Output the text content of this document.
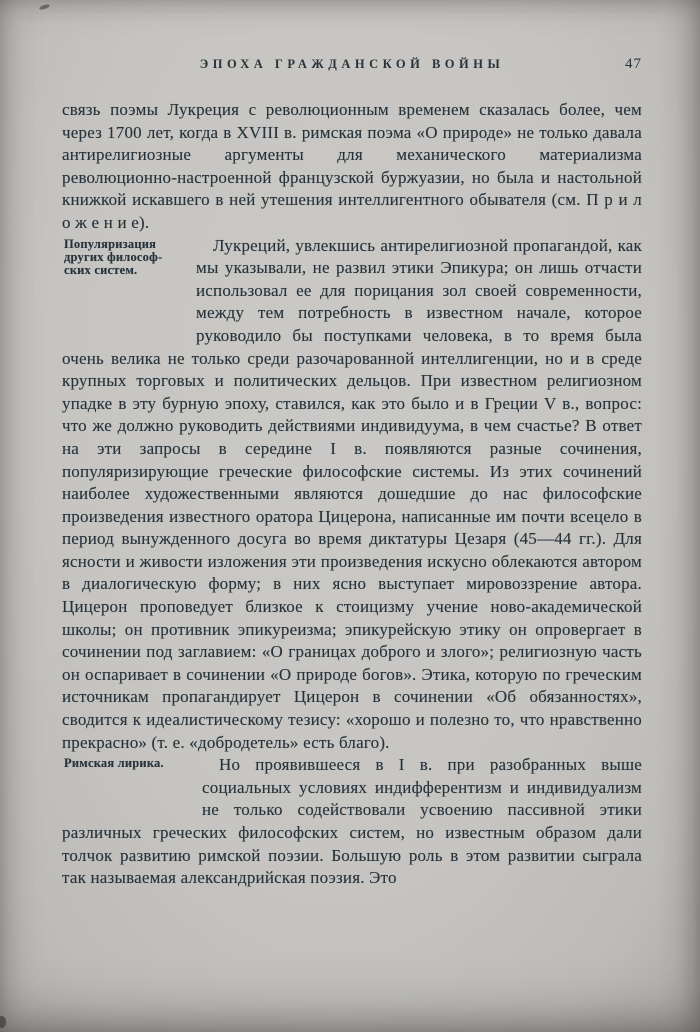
ЭПОХА ГРАЖДАНСКОЙ ВОЙНЫ	47

связь поэмы Лукреция с революционным временем сказалась более, чем через 1700 лет, когда в XVIII в. римская поэма «О природе» не только давала антирелигиозные аргументы для механического материализма революционно-настроенной французской буржуазии, но была и настольной книжкой искавшего в ней утешения интеллигентного обывателя (см. П р и л о ж е н и е).

Популяризация
других философ-
ских систем.

Лукреций, увлекшись антирелигиозной пропагандой, как мы указывали, не развил этики Эпикура; он лишь отчасти использовал ее для порицания зол своей современности, между тем потребность в известном начале, которое руководило бы поступками человека, в то время была очень велика не только среди разочарованной интеллигенции, но и в среде крупных торговых и политических дельцов. При известном религиозном упадке в эту бурную эпоху, ставился, как это было и в Греции V в., вопрос: что же должно руководить действиями индивидуума, в чем счастье? В ответ на эти запросы в середине I в. появляются разные сочинения, популяризирующие греческие философские системы. Из этих сочинений наиболее художественными являются дошедшие до нас философские произведения известного оратора Цицерона, написанные им почти всецело в период вынужденного досуга во время диктатуры Цезаря (45—44 гг.). Для ясности и живости изложения эти произведения искусно облекаются автором в диалогическую форму; в них ясно выступает мировоззрение автора. Цицерон проповедует близкое к стоицизму учение ново-академической школы; он противник эпикуреизма; эпикурейскую этику он опровергает в сочинении под заглавием: «О границах доброго и злого»; религиозную часть он оспаривает в сочинении «О природе богов». Этика, которую по греческим источникам пропагандирует Цицерон в сочинении «Об обязанностях», сводится к идеалистическому тезису: «хорошо и полезно то, что нравственно прекрасно» (т. е. «добродетель» есть благо).

Римская лирика.	Но проявившееся в I в. при разобранных выше социальных условиях индифферентизм и индивидуализм не только содействовали усвоению пассивной этики различных греческих философских систем, но известным образом дали толчок развитию римской поэзии. Большую роль в этом развитии сыграла так называемая александрийская поэзия. Это
